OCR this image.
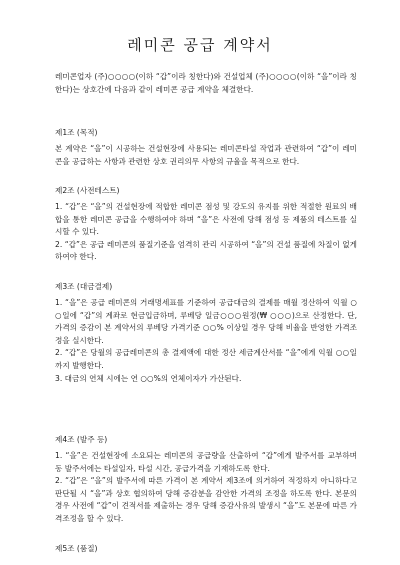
레미콘 공급 계약서

레미콘업자 (주)○○○○(이하 “갑”이라 칭한다)와 건설업체 (주)○○○○(이하 “을”이라 칭한다)는 상호간에 다음과 같이 레미콘 공급 계약을 체결한다.

제1조 (목적)

본 계약은 “을”이 시공하는 건설현장에 사용되는 레미콘타설 작업과 관련하여 “갑”이 레미콘을 공급하는 사항과 관련한 상호 권리의무 사항의 규율을 목적으로 한다.

제2조 (사전테스트)

1. “갑”은 “을”의 건설현장에 적합한 레미콘 점성 및 강도의 유지를 위한 적절한 원료의 배합을 통한 레미콘 공급을 수행하여야 하며 “을”은 사전에 당해 점성 등 제품의 테스트를 실시할 수 있다.

2. “갑”은 공급 레미콘의 품질기준을 엄격히 관리 시공하여 “을”의 건설 품질에 차질이 없게 하여야 한다.

제3조 (대금결제)

1. “을”은 공급 레미콘의 거래명세표를 기준하여 공급대금의 결제를 매월 정산하여 익월 ○○일에 “갑”의 계좌로 현금입금하며, 루베당 일금○○○원정(₩ ○○○)으로 산정한다. 단, 가격의 증감이 본 계약서의 루베당 가격기준 ○○% 이상일 경우 당해 비율을 반영한 가격조정을 실시한다.

2. “갑”은 당월의 공급레미콘의 총 결제액에 대한 정산 세금계산서를 “을”에게 익월 ○○일까지 발행한다.

3. 대금의 연체 시에는 연 ○○%의 연체이자가 가산된다.

제4조 (발주 등)

1. “을”은 건설현장에 소요되는 레미콘의 공급량을 산출하여 “갑”에게 발주서를 교부하며 동 발주서에는 타설일자, 타설 시간, 공급가격을 기재하도록 한다.

2. “갑”은 “을”의 발주서에 따른 가격이 본 계약서 제3조에 의거하여 적정하지 아니하다고 판단될 시 “을”과 상호 협의하여 당해 증감분을 감안한 가격의 조정을 하도록 한다. 본문의 경우 사전에 “갑”이 견적서를 제출하는 경우 당해 증감사유의 발생시 “을”도 본문에 따른 가격조정을 할 수 있다.

제5조 (품질)
